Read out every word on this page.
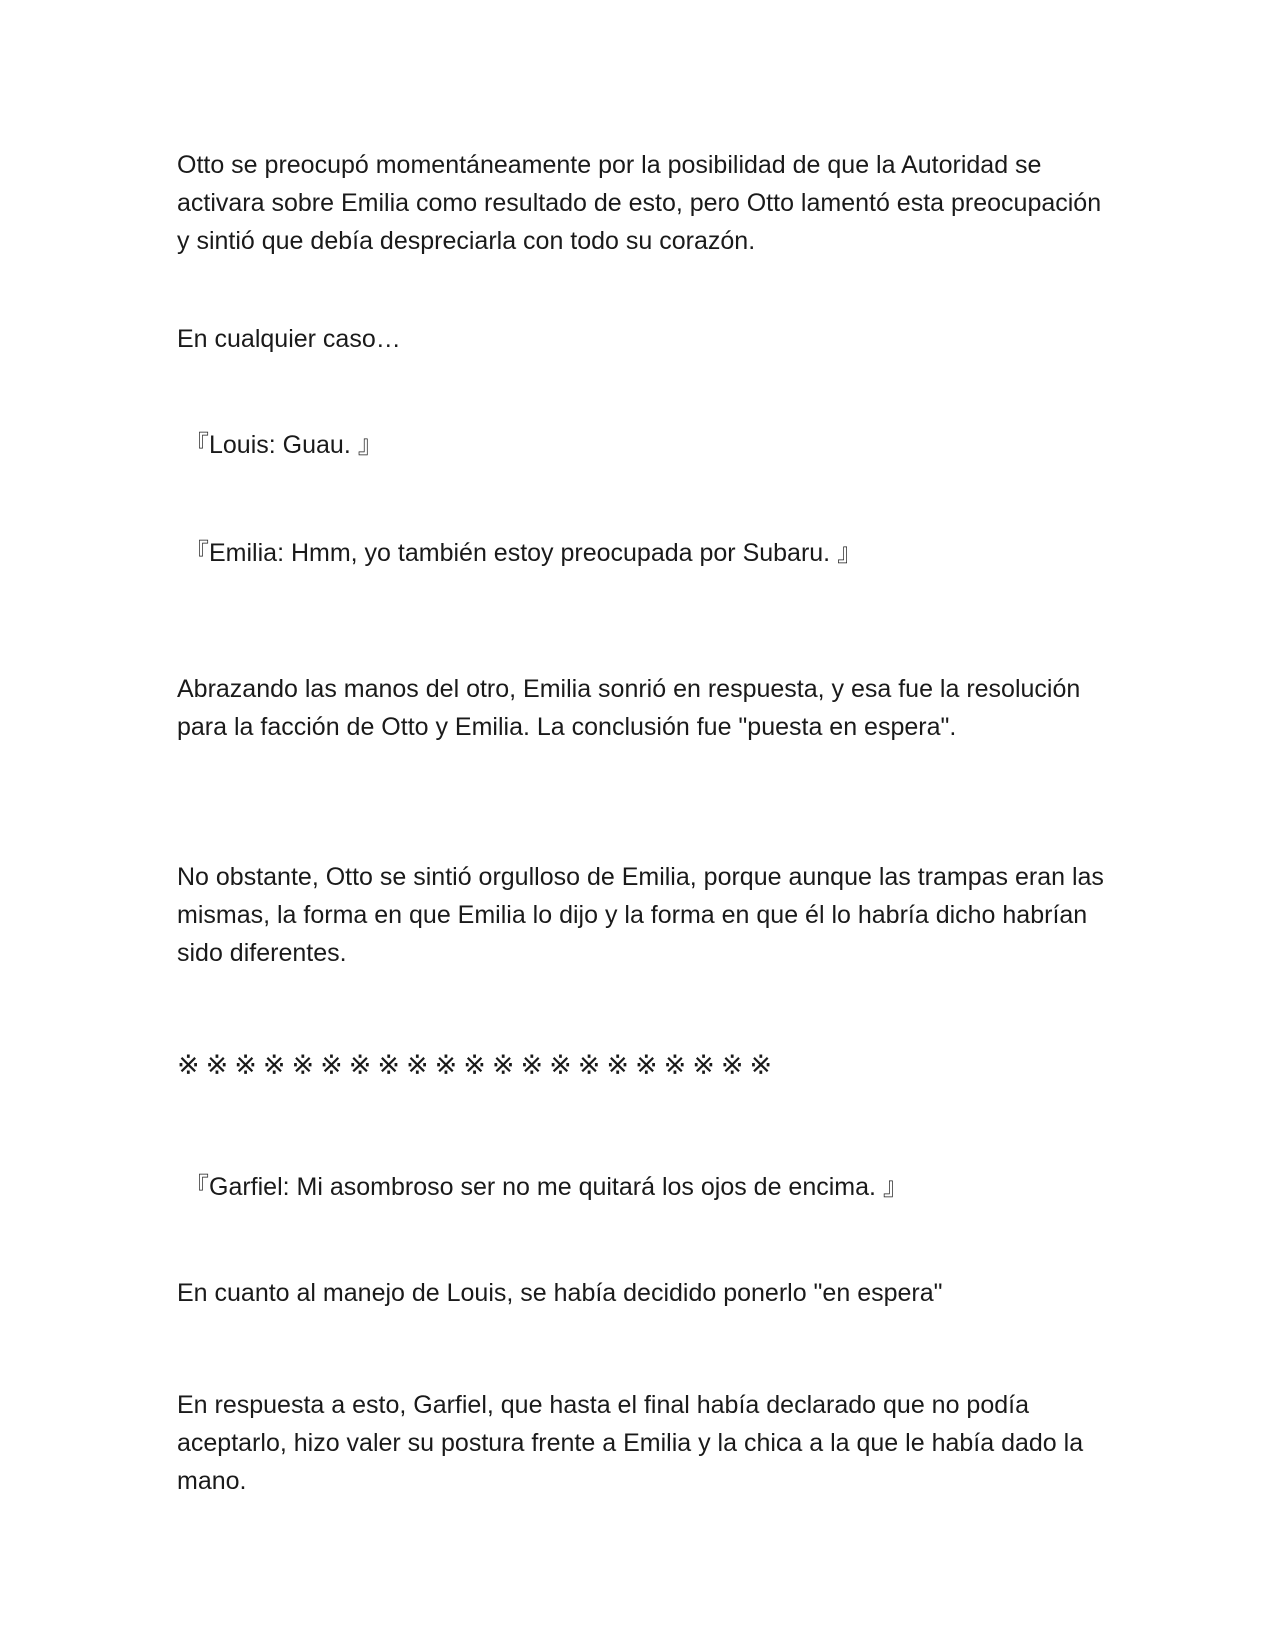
Otto se preocupó momentáneamente por la posibilidad de que la Autoridad se activara sobre Emilia como resultado de esto, pero Otto lamentó esta preocupación y sintió que debía despreciarla con todo su corazón.

En cualquier caso…

『Louis: Guau. 』

『Emilia: Hmm, yo también estoy preocupada por Subaru. 』

Abrazando las manos del otro, Emilia sonrió en respuesta, y esa fue la resolución para la facción de Otto y Emilia. La conclusión fue "puesta en espera".

No obstante, Otto se sintió orgulloso de Emilia, porque aunque las trampas eran las mismas, la forma en que Emilia lo dijo y la forma en que él lo habría dicho habrían sido diferentes.

※※※※※※※※※※※※※※※※※※※※※

『Garfiel: Mi asombroso ser no me quitará los ojos de encima. 』

En cuanto al manejo de Louis, se había decidido ponerlo "en espera"

En respuesta a esto, Garfiel, que hasta el final había declarado que no podía aceptarlo, hizo valer su postura frente a Emilia y la chica a la que le había dado la mano.
